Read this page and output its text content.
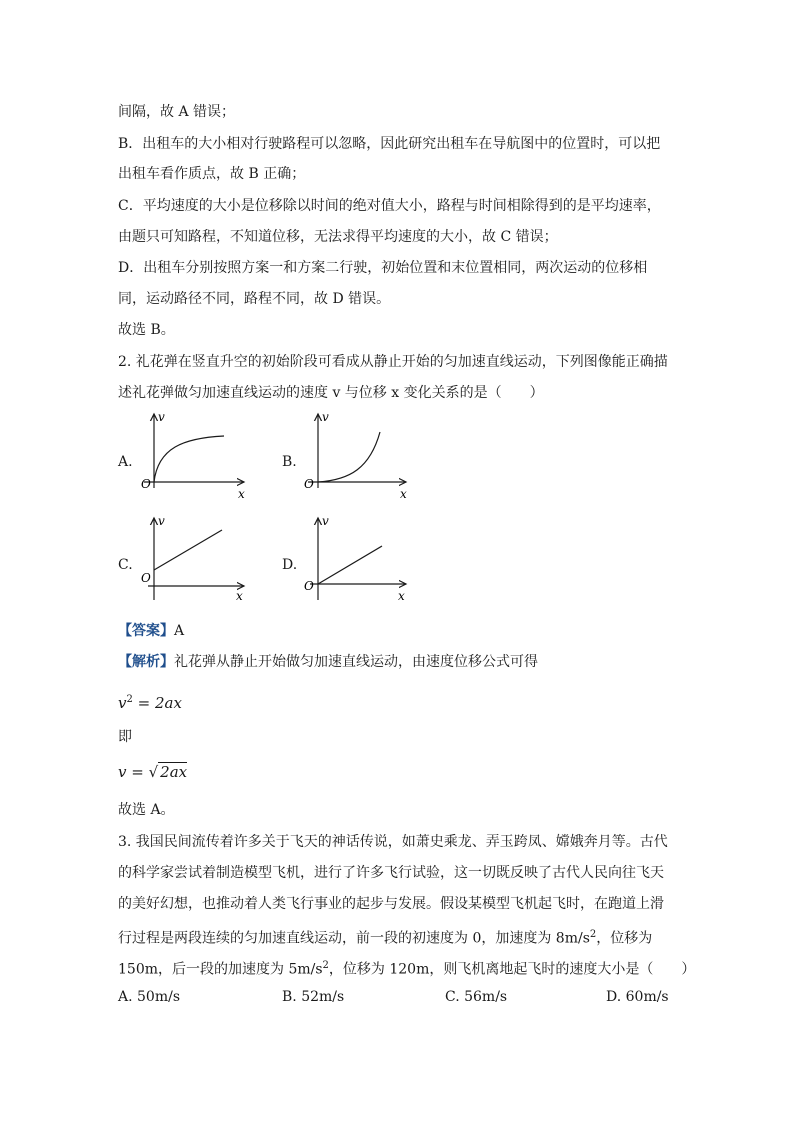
间隔，故 A 错误；
B．出租车的大小相对行驶路程可以忽略，因此研究出租车在导航图中的位置时，可以把
出租车看作质点，故 B 正确；
C．平均速度的大小是位移除以时间的绝对值大小，路程与时间相除得到的是平均速率，
由题只可知路程，不知道位移，无法求得平均速度的大小，故 C 错误；
D．出租车分别按照方案一和方案二行驶，初始位置和末位置相同，两次运动的位移相
同，运动路径不同，路程不同，故 D 错误。
故选 B。
2. 礼花弹在竖直升空的初始阶段可看成从静止开始的匀加速直线运动，下列图像能正确描
述礼花弹做匀加速直线运动的速度 v 与位移 x 变化关系的是（　　）
A.
v
x
O
B.
v
x
O
C.
v
x
O
D.
v
x
O
【答案】A
【解析】礼花弹从静止开始做匀加速直线运动，由速度位移公式可得
$v^2 = 2ax$
即
v = √ 2ax
故选 A。
3. 我国民间流传着许多关于飞天的神话传说，如萧史乘龙、弄玉跨凤、嫦娥奔月等。古代
的科学家尝试着制造模型飞机，进行了许多飞行试验，这一切既反映了古代人民向往飞天
的美好幻想，也推动着人类飞行事业的起步与发展。假设某模型飞机起飞时，在跑道上滑
行过程是两段连续的匀加速直线运动，前一段的初速度为 0，加速度为 $8m/s^2$，位移为
150m，后一段的加速度为 $5m/s^2$，位移为 120m，则飞机离地起飞时的速度大小是（　　）
A. 50m/s	B. 52m/s	C. 56m/s	D. 60m/s
